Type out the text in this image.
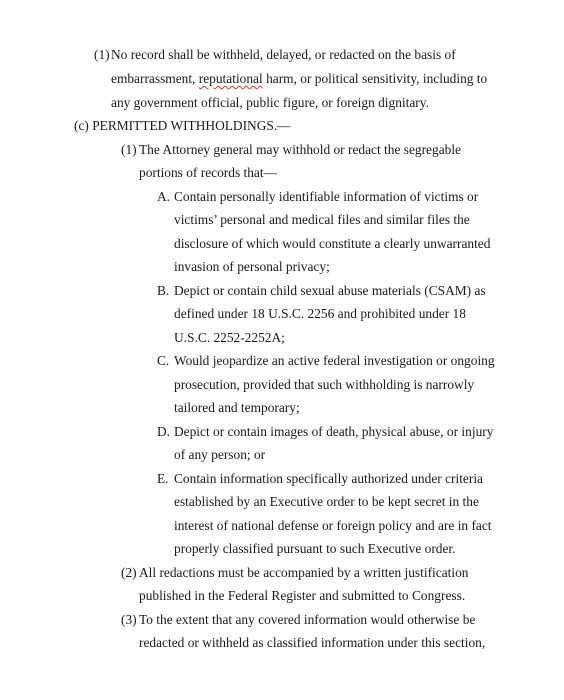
(1) No record shall be withheld, delayed, or redacted on the basis of
embarrassment, reputational harm, or political sensitivity, including to
any government official, public figure, or foreign dignitary.
(c) PERMITTED WITHHOLDINGS.—
(1) The Attorney general may withhold or redact the segregable
portions of records that—
A. Contain personally identifiable information of victims or
victims’ personal and medical files and similar files the
disclosure of which would constitute a clearly unwarranted
invasion of personal privacy;
B. Depict or contain child sexual abuse materials (CSAM) as
defined under 18 U.S.C. 2256 and prohibited under 18
U.S.C. 2252-2252A;
C. Would jeopardize an active federal investigation or ongoing
prosecution, provided that such withholding is narrowly
tailored and temporary;
D. Depict or contain images of death, physical abuse, or injury
of any person; or
E. Contain information specifically authorized under criteria
established by an Executive order to be kept secret in the
interest of national defense or foreign policy and are in fact
properly classified pursuant to such Executive order.
(2) All redactions must be accompanied by a written justification
published in the Federal Register and submitted to Congress.
(3) To the extent that any covered information would otherwise be
redacted or withheld as classified information under this section,
